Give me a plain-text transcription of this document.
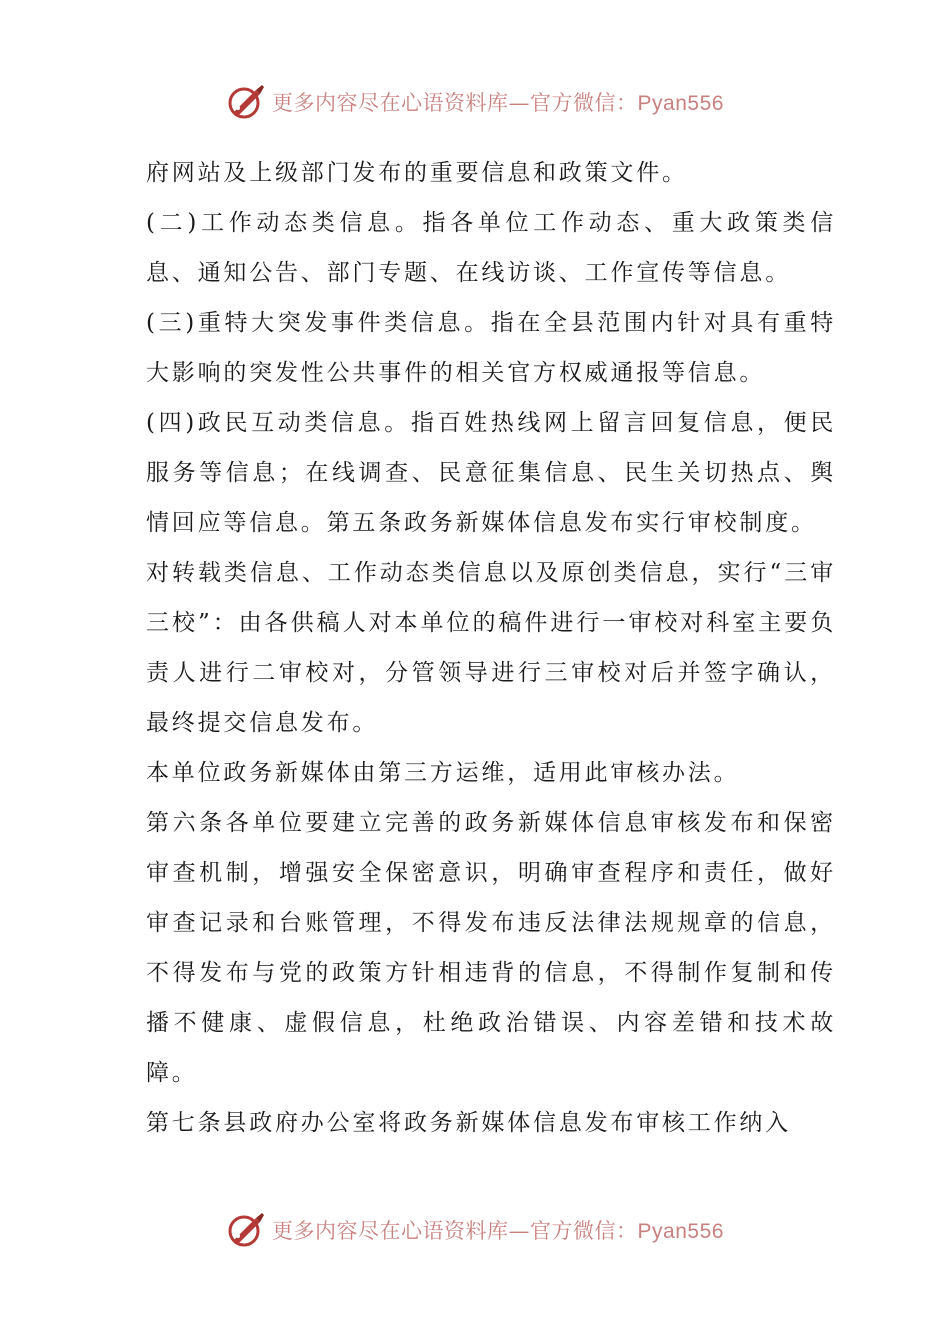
更多内容尽在心语资料库—官方微信：Pyan556

府网站及上级部门发布的重要信息和政策文件。

(二)工作动态类信息。指各单位工作动态、重大政策类信息、通知公告、部门专题、在线访谈、工作宣传等信息。

(三)重特大突发事件类信息。指在全县范围内针对具有重特大影响的突发性公共事件的相关官方权威通报等信息。

(四)政民互动类信息。指百姓热线网上留言回复信息，便民服务等信息；在线调查、民意征集信息、民生关切热点、舆情回应等信息。第五条政务新媒体信息发布实行审校制度。

对转载类信息、工作动态类信息以及原创类信息，实行“三审三校”：由各供稿人对本单位的稿件进行一审校对科室主要负责人进行二审校对，分管领导进行三审校对后并签字确认，最终提交信息发布。

本单位政务新媒体由第三方运维，适用此审核办法。

第六条各单位要建立完善的政务新媒体信息审核发布和保密审查机制，增强安全保密意识，明确审查程序和责任，做好审查记录和台账管理，不得发布违反法律法规规章的信息，不得发布与党的政策方针相违背的信息，不得制作复制和传播不健康、虚假信息，杜绝政治错误、内容差错和技术故障。

第七条县政府办公室将政务新媒体信息发布审核工作纳入

更多内容尽在心语资料库—官方微信：Pyan556
